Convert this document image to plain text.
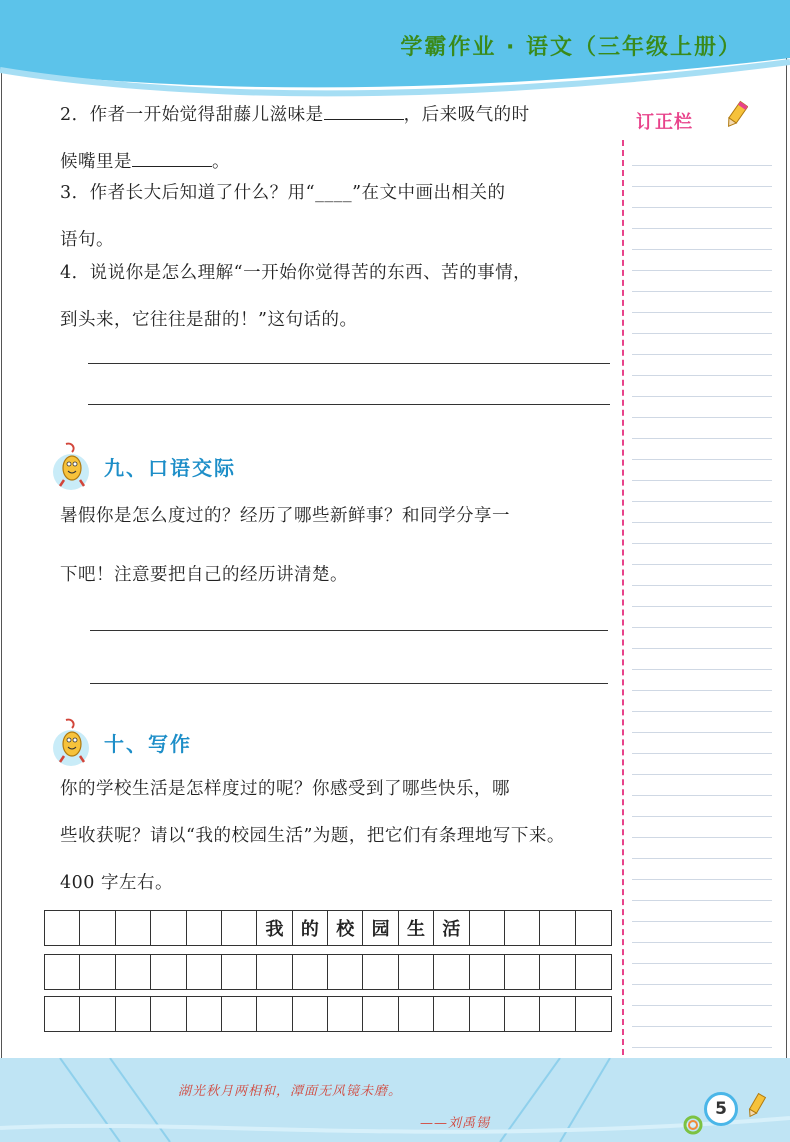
学霸作业 · 语文（三年级上册）
订正栏
2．作者一开始觉得甜藤儿滋味是	，后来吸气的时
候嘴里是	。
3．作者长大后知道了什么？用“____”在文中画出相关的
语句。
4．说说你是怎么理解“一开始你觉得苦的东西、苦的事情，
到头来，它往往是甜的！”这句话的。
九、口语交际
暑假你是怎么度过的？经历了哪些新鲜事？和同学分享一
下吧！注意要把自己的经历讲清楚。
十、写作
你的学校生活是怎样度过的呢？你感受到了哪些快乐，哪
些收获呢？请以“我的校园生活”为题，把它们有条理地写下来。
400 字左右。
我 的 校 园 生 活
湖光秋月两相和，潭面无风镜未磨。
——刘禹锡
5
